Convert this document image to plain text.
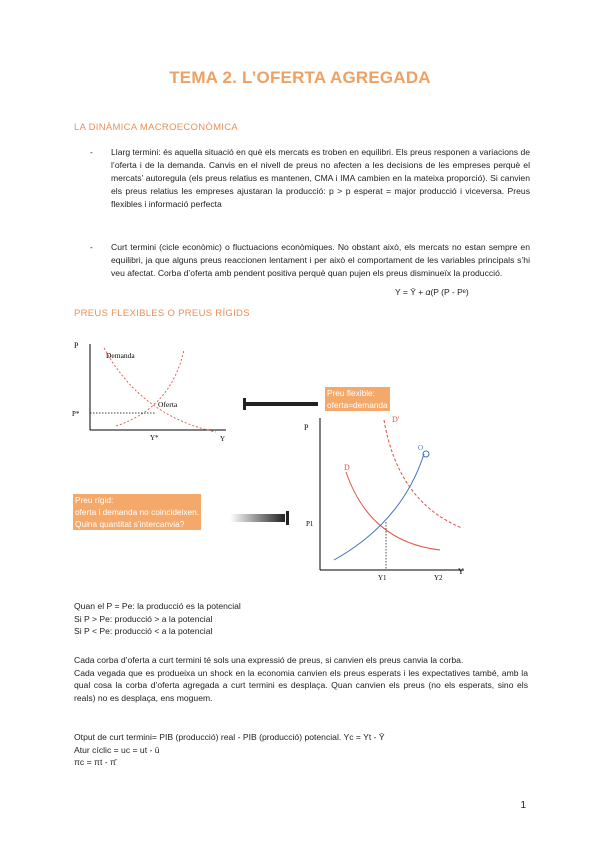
TEMA 2. L’OFERTA AGREGADA
LA DINÀMICA MACROECONÒMICA
- Llarg termini: és aquella situació en què els mercats es troben en equilibri. Els preus responen a variacions de l’oferta i de la demanda. Canvis en el nivell de preus no afecten a les decisions de les empreses perquè el mercats’ autoregula (els preus relatius es mantenen, CMA i IMA cambien en la mateixa proporció). Si canvien els preus relatius les empreses ajustaran la producció: p > p esperat = major producció i viceversa. Preus flexibles i informació perfecta
- Curt termini (cicle econòmic) o fluctuacions econòmiques. No obstant això, els mercats no estan sempre en equilibri, ja que alguns preus reaccionen lentament i per això el comportament de les variables principals s’hi veu afectat. Corba d’oferta amb pendent positiva perquè quan pujen els preus disminueïx la producció.
Y = Ȳ + 𝛼(P (P - Pᵉ)
PREUS FLEXIBLES O PREUS RÍGIDS
P
Demanda
Oferta
P*
Y*	Y
Preu flexible:
oferta=demanda
Preu rígid:
oferta i demanda no coincideixen.
Quina quantitat s’intercanvia?
P
P1
D
D'
O
Y1	Y2
Y

Quan el P = Pe: la producció es la potencial

Si P > Pe: producció > a la potencial

Si P < Pe: producció < a la potencial

Cada corba d’oferta a curt termini té sols una expressió de preus, si canvien els preus canvia la corba.

Cada vegada que es produeixa un shock en la economia canvien els preus esperats i les expectatives també, amb la qual cosa la corba d’oferta agregada a curt termini es desplaça. Quan canvien els preus (no els esperats, sino els reals) no es desplaça, ens moguem.

Otput de curt termini= PIB (producció) real - PIB (producció) potencial. Yc = Yt - Ȳ

Atur cíclic = uc = ut - ū

πc = πt - π̄

1
